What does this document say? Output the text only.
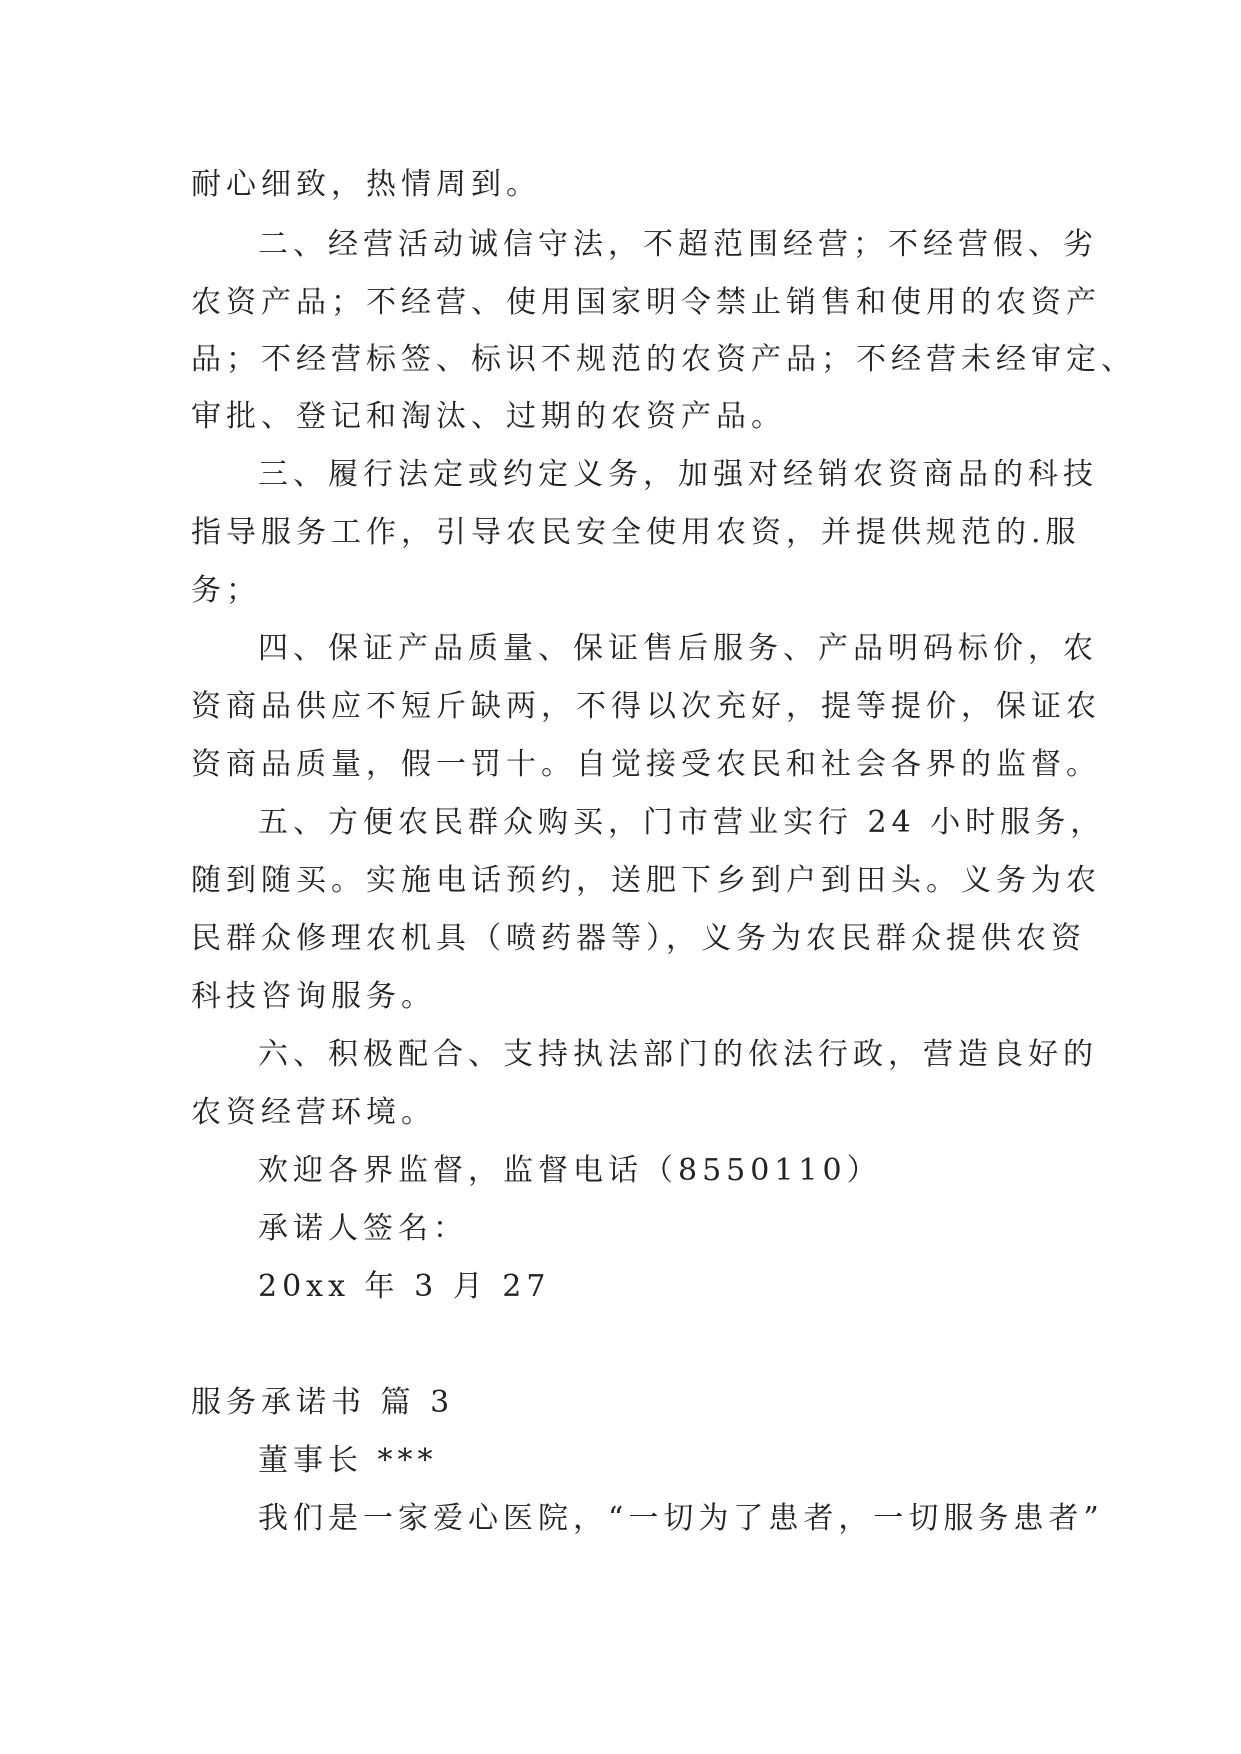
耐心细致，热情周到。
二、经营活动诚信守法，不超范围经营；不经营假、劣
农资产品；不经营、使用国家明令禁止销售和使用的农资产
品；不经营标签、标识不规范的农资产品；不经营未经审定、
审批、登记和淘汰、过期的农资产品。
三、履行法定或约定义务，加强对经销农资商品的科技
指导服务工作，引导农民安全使用农资，并提供规范的.服
务；
四、保证产品质量、保证售后服务、产品明码标价，农
资商品供应不短斤缺两，不得以次充好，提等提价，保证农
资商品质量，假一罚十。自觉接受农民和社会各界的监督。
五、方便农民群众购买，门市营业实行 24 小时服务，
随到随买。实施电话预约，送肥下乡到户到田头。义务为农
民群众修理农机具（喷药器等），义务为农民群众提供农资
科技咨询服务。
六、积极配合、支持执法部门的依法行政，营造良好的
农资经营环境。
欢迎各界监督，监督电话（8550110）
承诺人签名：
20xx 年 3 月 27
服务承诺书 篇 3
董事长 ***
我们是一家爱心医院，“一切为了患者，一切服务患者”
